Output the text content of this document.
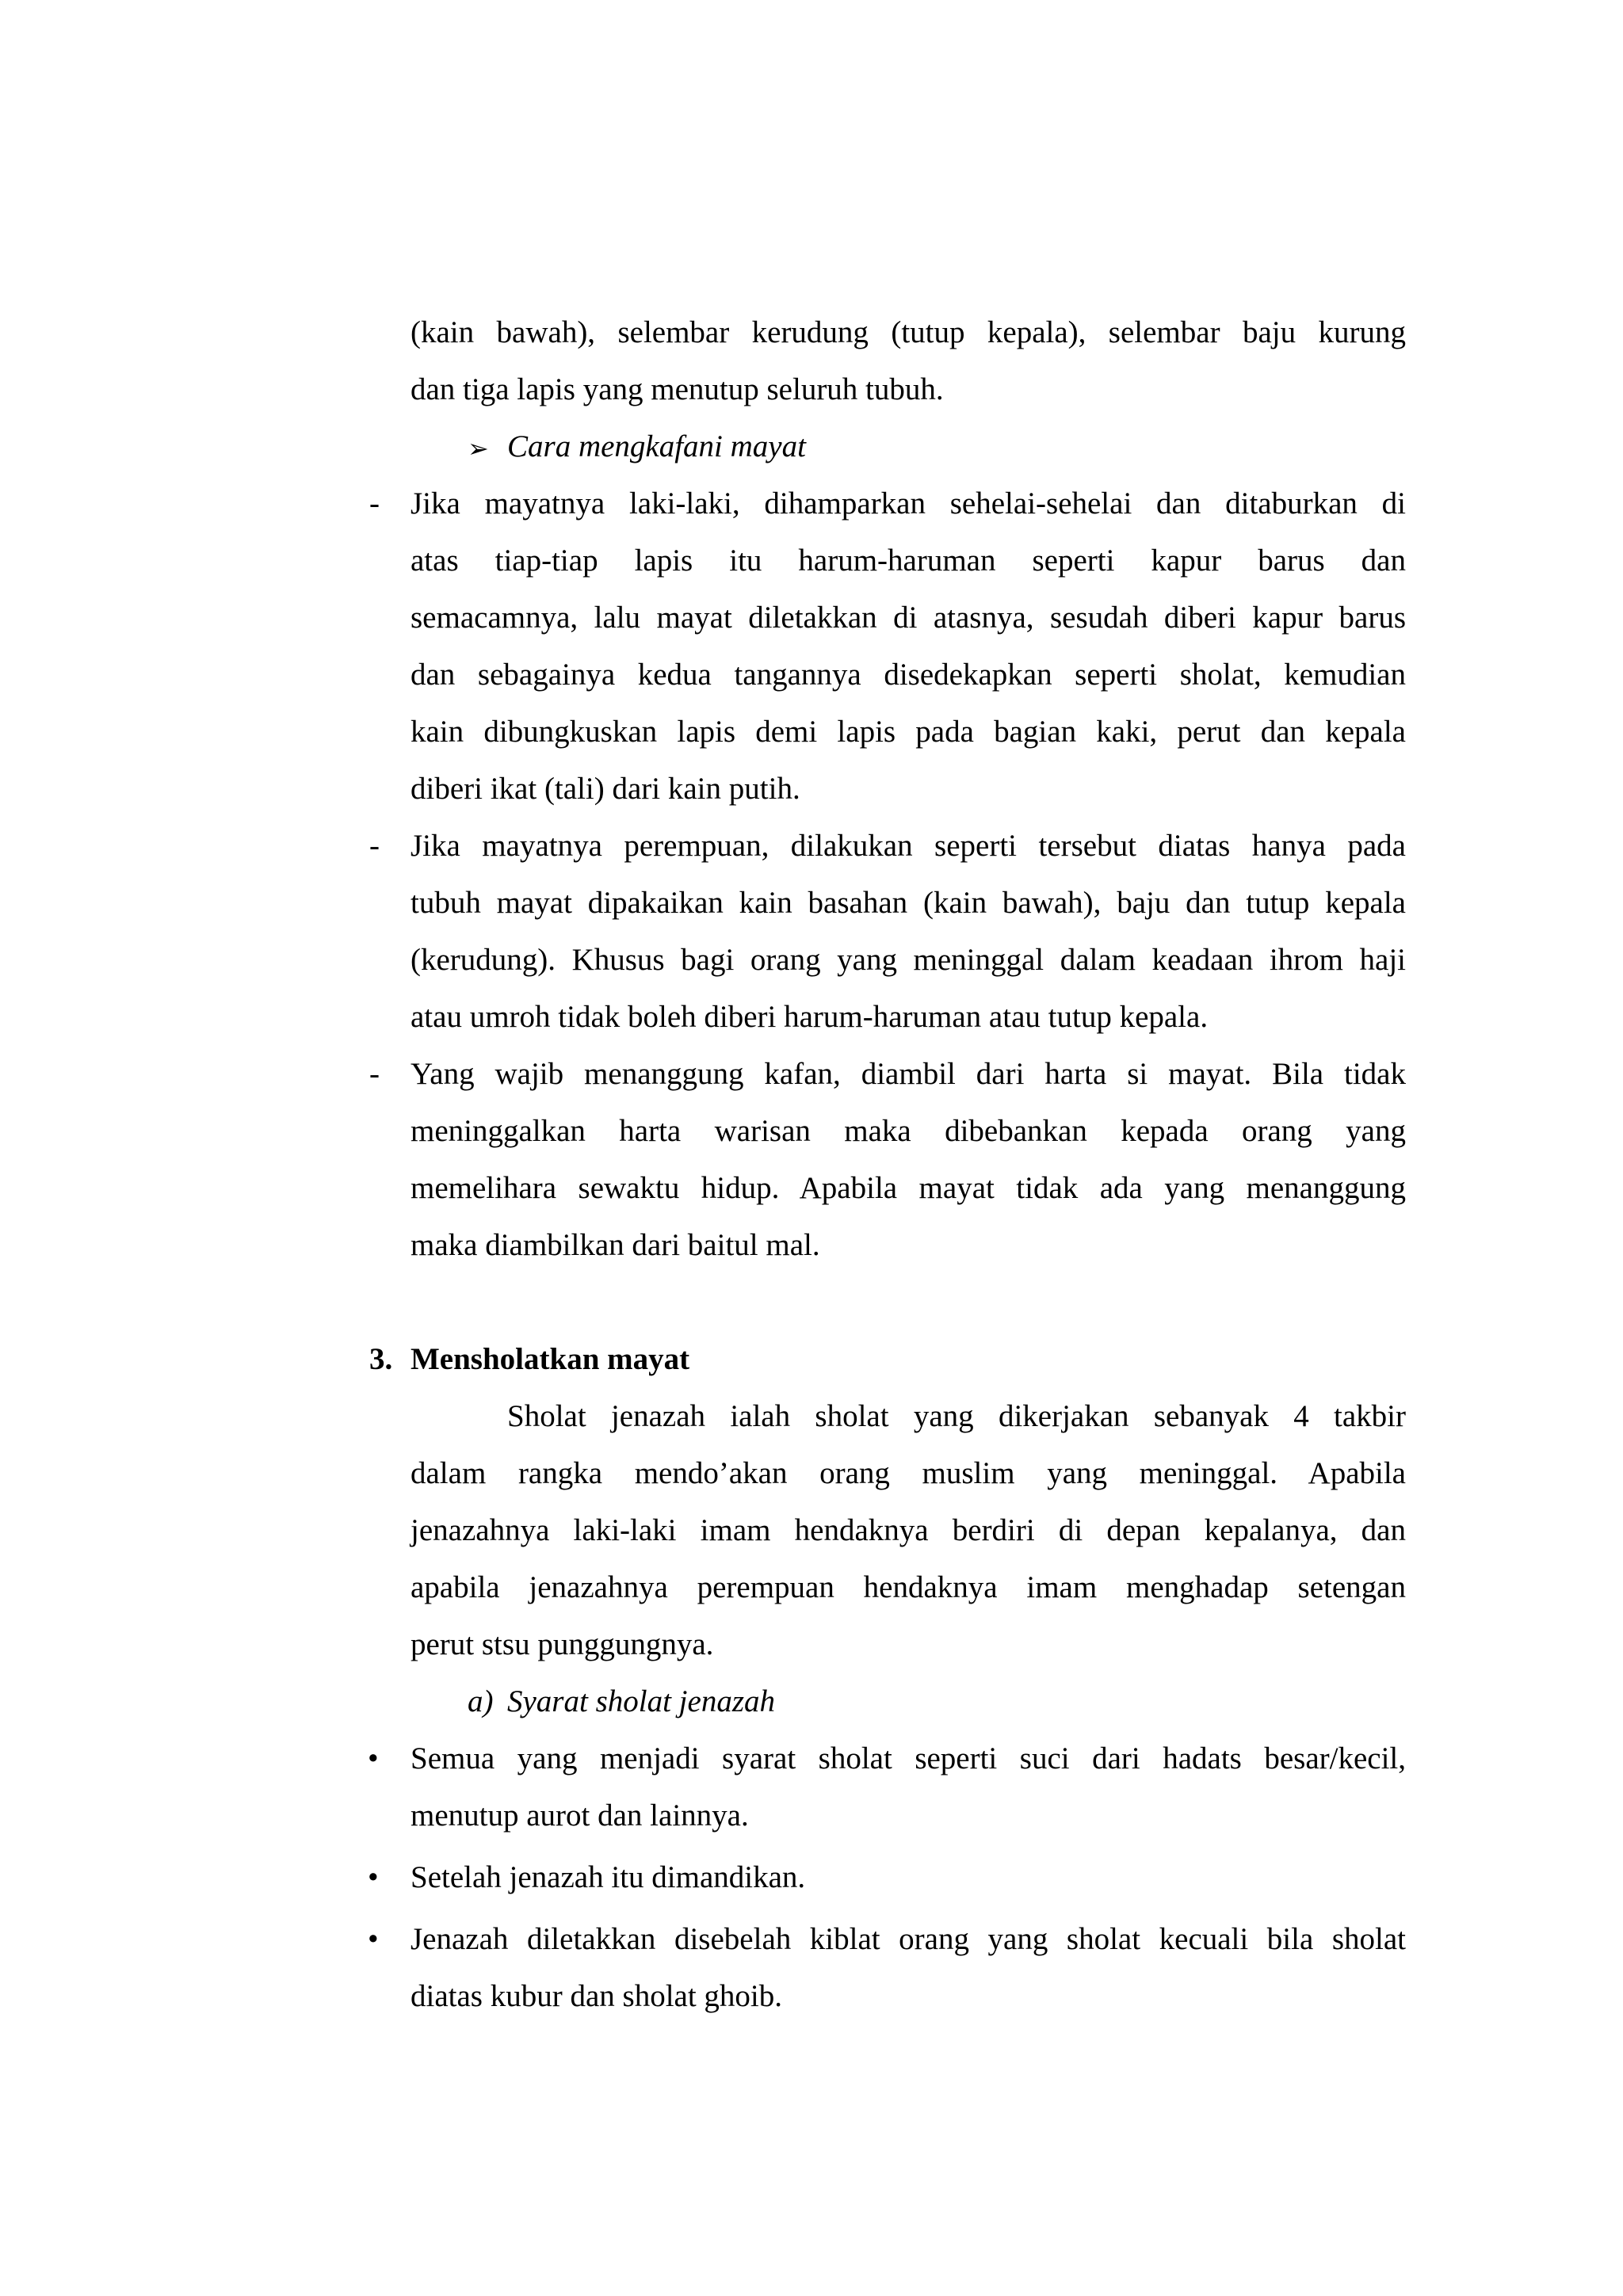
(kain bawah), selembar kerudung (tutup kepala), selembar baju kurung
dan tiga lapis yang menutup seluruh tubuh.
➢ Cara mengkafani mayat
- Jika mayatnya laki-laki, dihamparkan sehelai-sehelai dan ditaburkan di
atas tiap-tiap lapis itu harum-haruman seperti kapur barus dan
semacamnya, lalu mayat diletakkan di atasnya, sesudah diberi kapur barus
dan sebagainya kedua tangannya disedekapkan seperti sholat, kemudian
kain dibungkuskan lapis demi lapis pada bagian kaki, perut dan kepala
diberi ikat (tali) dari kain putih.
- Jika mayatnya perempuan, dilakukan seperti tersebut diatas hanya pada
tubuh mayat dipakaikan kain basahan (kain bawah), baju dan tutup kepala
(kerudung). Khusus bagi orang yang meninggal dalam keadaan ihrom haji
atau umroh tidak boleh diberi harum-haruman atau tutup kepala.
- Yang wajib menanggung kafan, diambil dari harta si mayat. Bila tidak
meninggalkan harta warisan maka dibebankan kepada orang yang
memelihara sewaktu hidup. Apabila mayat tidak ada yang menanggung
maka diambilkan dari baitul mal.
3. Mensholatkan mayat
Sholat jenazah ialah sholat yang dikerjakan sebanyak 4 takbir
dalam rangka mendo’akan orang muslim yang meninggal. Apabila
jenazahnya laki-laki imam hendaknya berdiri di depan kepalanya, dan
apabila jenazahnya perempuan hendaknya imam menghadap setengan
perut stsu punggungnya.
a) Syarat sholat jenazah
• Semua yang menjadi syarat sholat seperti suci dari hadats besar/kecil,
menutup aurot dan lainnya.
• Setelah jenazah itu dimandikan.
• Jenazah diletakkan disebelah kiblat orang yang sholat kecuali bila sholat
diatas kubur dan sholat ghoib.
